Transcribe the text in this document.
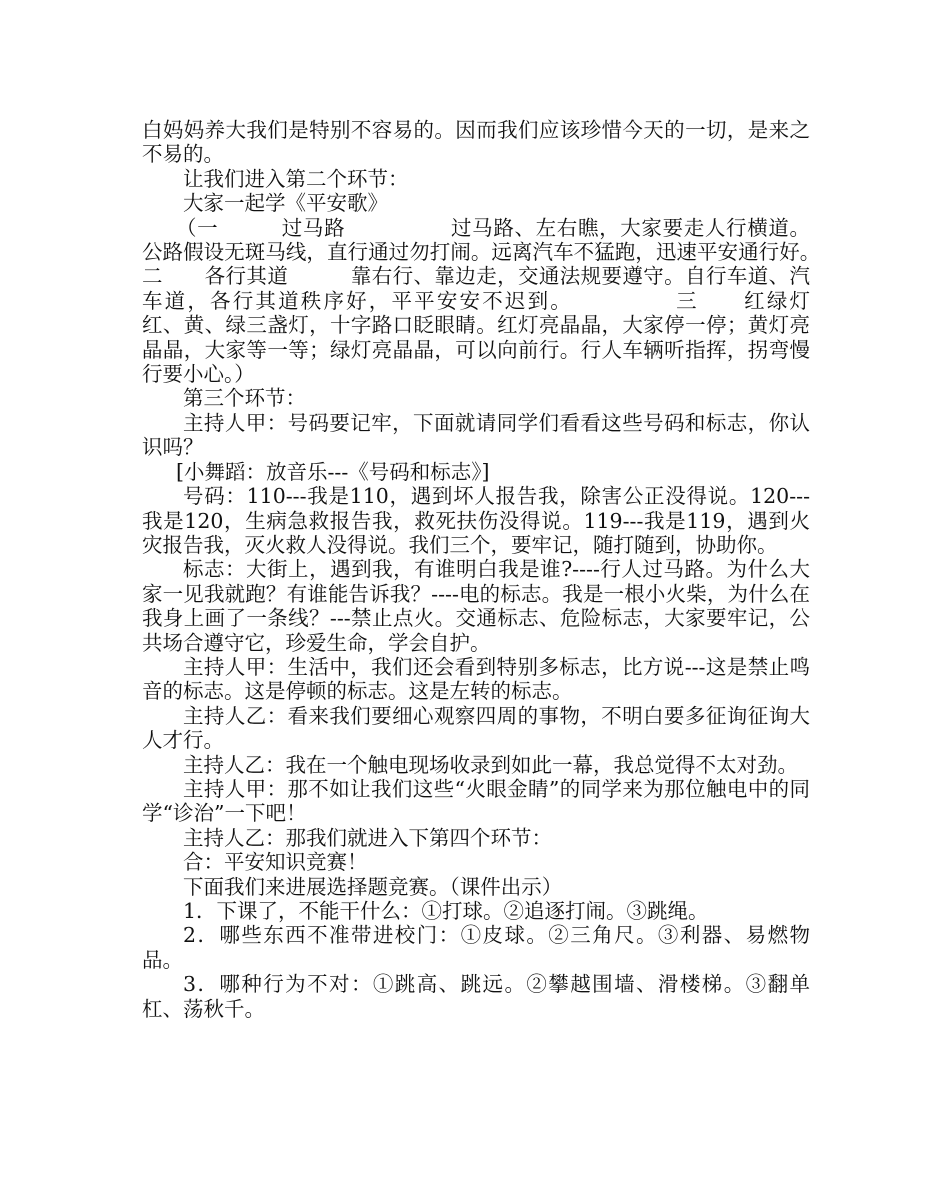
白妈妈养大我们是特别不容易的。因而我们应该珍惜今天的一切，是来之不易的。

让我们进入第二个环节：

大家一起学《平安歌》

（一　　　过马路　　　　　过马路、左右瞧，大家要走人行横道。公路假设无斑马线，直行通过勿打闹。远离汽车不猛跑，迅速平安通行好。　　　二　　各行其道　　　靠右行、靠边走，交通法规要遵守。自行车道、汽车道，各行其道秩序好，平平安安不迟到。　　　　　三　　红绿灯　　　　　　红、黄、绿三盏灯，十字路口眨眼睛。红灯亮晶晶，大家停一停；黄灯亮晶晶，大家等一等；绿灯亮晶晶，可以向前行。行人车辆听指挥，拐弯慢行要小心。）

第三个环节：

主持人甲：号码要记牢，下面就请同学们看看这些号码和标志，你认识吗？

[小舞蹈：放音乐---《号码和标志》]

号码：110---我是110，遇到坏人报告我，除害公正没得说。120---我是120，生病急救报告我，救死扶伤没得说。119---我是119，遇到火灾报告我，灭火救人没得说。我们三个，要牢记，随打随到，协助你。

标志：大街上，遇到我，有谁明白我是谁?----行人过马路。为什么大家一见我就跑？有谁能告诉我？----电的标志。我是一根小火柴，为什么在我身上画了一条线？---禁止点火。交通标志、危险标志，大家要牢记，公共场合遵守它，珍爱生命，学会自护。

主持人甲：生活中，我们还会看到特别多标志，比方说---这是禁止鸣音的标志。这是停顿的标志。这是左转的标志。

主持人乙：看来我们要细心观察四周的事物，不明白要多征询征询大人才行。

主持人乙：我在一个触电现场收录到如此一幕，我总觉得不太对劲。

主持人甲：那不如让我们这些“火眼金睛”的同学来为那位触电中的同学“诊治”一下吧！

主持人乙：那我们就进入下第四个环节：

合：平安知识竞赛！

下面我们来进展选择题竞赛。（课件出示）

1．下课了，不能干什么：①打球。②追逐打闹。③跳绳。

2．哪些东西不准带进校门：①皮球。②三角尺。③利器、易燃物品。

3．哪种行为不对：①跳高、跳远。②攀越围墙、滑楼梯。③翻单杠、荡秋千。
